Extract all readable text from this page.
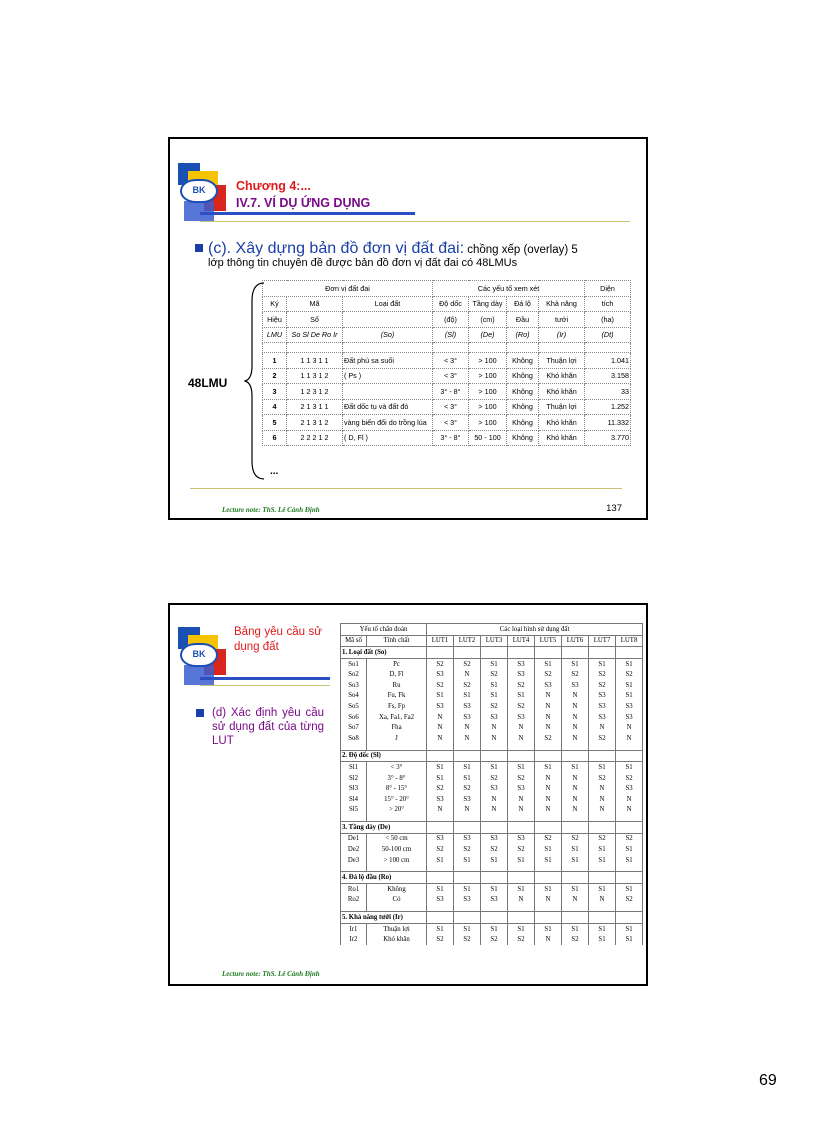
BK	Chương 4:...
IV.7. VÍ DỤ ỨNG DỤNG
(c). Xây dựng bản đồ đơn vị đất đai: chồng xếp (overlay) 5
lớp thông tin chuyên đề được bản đồ đơn vị đất đai có 48LMUs
48LMU
Đơn vị đất đai			Các yếu tố xem xét				Diện
Ký	Mã	Loại đất	Độ dốc	Tầng dày	Đá lộ	Khả năng	tích
Hiệu	Số		(độ)	(cm)	Đầu	tưới	(ha)
LMU	So Sl De Ro Ir	(So)	(Sl)	(De)	(Ro)	(Ir)	(Dt)

1	1 1 3 1 1	Đất phù sa suối	< 3°	> 100	Không	Thuận lợi	1.041
2	1 1 3 1 2	( Ps )	< 3°	> 100	Không	Khó khăn	3.158
3	1 2 3 1 2		3° - 8°	> 100	Không	Khó khăn	33
4	2 1 3 1 1	Đất dốc tụ và đất đỏ	< 3°	> 100	Không	Thuận lợi	1.252
5	2 1 3 1 2	vàng biến đổi do trồng lúa	< 3°	> 100	Không	Khó khăn	11.332
6	2 2 2 1 2	( D, Fl )	3° - 8°	50 - 100	Không	Khó khăn	3.770
...
Lecture note: ThS. Lê Cảnh Định	137
BK
Bảng yêu cầu sử dụng đất
(d) Xác định yêu cầu sử dụng đất của từng LUT
Yếu tố chẩn đoán		Các loại hình sử dụng đất							
Mã số	Tính chất	LUT1	LUT2	LUT3	LUT4	LUT5	LUT6	LUT7	LUT8
1. Loại đất (So)									
So1	Pc	S2	S2	S1	S3	S1	S1	S1	S1
So2	D, Fl	S3	N	S2	S3	S2	S2	S2	S2
So3	Ru	S2	S2	S1	S2	S3	S3	S2	S1
So4	Fu, Fk	S1	S1	S1	S1	N	N	S3	S1
So5	Fs, Fp	S3	S3	S2	S2	N	N	S3	S3
So6	Xa, Fa1, Fa2	N	S3	S3	S3	N	N	S3	S3
So7	Fha	N	N	N	N	N	N	N	N
So8	J	N	N	N	N	S2	N	S2	N

2. Độ dốc (Sl)									
Sl1	< 3°	S1	S1	S1	S1	S1	S1	S1	S1
Sl2	3° - 8°	S1	S1	S2	S2	N	N	S2	S2
Sl3	8° - 15°	S2	S2	S3	S3	N	N	N	S3
Sl4	15° - 20°	S3	S3	N	N	N	N	N	N
Sl5	> 20°	N	N	N	N	N	N	N	N

3. Tầng dày (De)									
De1	< 50 cm	S3	S3	S3	S3	S2	S2	S2	S2
De2	50-100 cm	S2	S2	S2	S2	S1	S1	S1	S1
De3	> 100 cm	S1	S1	S1	S1	S1	S1	S1	S1

4. Đá lộ đầu (Ro)									
Ro1	Không	S1	S1	S1	S1	S1	S1	S1	S1
Ro2	Có	S3	S3	S3	N	N	N	N	S2

5. Khả năng tưới (Ir)									
Ir1	Thuận lợi	S1	S1	S1	S1	S1	S1	S1	S1
Ir2	Khó khăn	S2	S2	S2	S2	N	S2	S1	S1
Lecture note: ThS. Lê Cảnh Định
69
